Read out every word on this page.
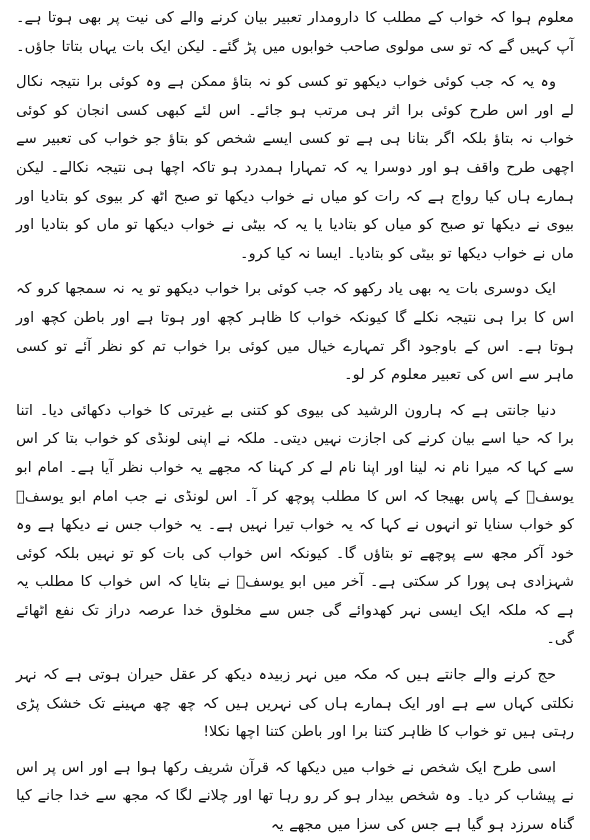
معلوم ہوا کہ خواب کے مطلب کا دارومدار تعبیر بیان کرنے والے کی نیت پر بھی ہوتا ہے۔ آپ کہیں گے کہ تو سی مولوی صاحب خوابوں میں پڑ گئے۔ لیکن ایک بات یہاں بتاتا جاؤں۔

وہ یہ کہ جب کوئی خواب دیکھو تو کسی کو نہ بتاؤ ممکن ہے وہ کوئی برا نتیجہ نکال لے اور اس طرح کوئی برا اثر ہی مرتب ہو جائے۔ اس لئے کبھی کسی انجان کو کوئی خواب نہ بتاؤ بلکہ اگر بتانا ہی ہے تو کسی ایسے شخص کو بتاؤ جو خواب کی تعبیر سے اچھی طرح واقف ہو اور دوسرا یہ کہ تمہارا ہمدرد ہو تاکہ اچھا ہی نتیجہ نکالے۔ لیکن ہمارے ہاں کیا رواج ہے کہ رات کو میاں نے خواب دیکھا تو صبح اٹھ کر بیوی کو بتادیا اور بیوی نے دیکھا تو صبح کو میاں کو بتادیا یا یہ کہ بیٹی نے خواب دیکھا تو ماں کو بتادیا اور ماں نے خواب دیکھا تو بیٹی کو بتادیا۔ ایسا نہ کیا کرو۔

ایک دوسری بات یہ بھی یاد رکھو کہ جب کوئی برا خواب دیکھو تو یہ نہ سمجھا کرو کہ اس کا برا ہی نتیجہ نکلے گا کیونکہ خواب کا ظاہر کچھ اور ہوتا ہے اور باطن کچھ اور ہوتا ہے۔ اس کے باوجود اگر تمہارے خیال میں کوئی برا خواب تم کو نظر آئے تو کسی ماہر سے اس کی تعبیر معلوم کر لو۔

دنیا جانتی ہے کہ ہارون الرشید کی بیوی کو کتنی بے غیرتی کا خواب دکھائی دیا۔ اتنا برا کہ حیا اسے بیان کرنے کی اجازت نہیں دیتی۔ ملکہ نے اپنی لونڈی کو خواب بتا کر اس سے کہا کہ میرا نام نہ لینا اور اپنا نام لے کر کہنا کہ مجھے یہ خواب نظر آیا ہے۔ امام ابو یوسفؒ کے پاس بھیجا کہ اس کا مطلب پوچھ کر آ۔ اس لونڈی نے جب امام ابو یوسفؒ کو خواب سنایا تو انہوں نے کہا کہ یہ خواب تیرا نہیں ہے۔ یہ خواب جس نے دیکھا ہے وہ خود آکر مجھ سے پوچھے تو بتاؤں گا۔ کیونکہ اس خواب کی بات کو تو نہیں بلکہ کوئی شہزادی ہی پورا کر سکتی ہے۔ آخر میں ابو یوسفؒ نے بتایا کہ اس خواب کا مطلب یہ ہے کہ ملکہ ایک ایسی نہر کھدوائے گی جس سے مخلوق خدا عرصہ دراز تک نفع اٹھائے گی۔

حج کرنے والے جانتے ہیں کہ مکہ میں نہر زبیدہ دیکھ کر عقل حیران ہوتی ہے کہ نہر نکلتی کہاں سے ہے اور ایک ہمارے ہاں کی نہریں ہیں کہ چھ چھ مہینے تک خشک پڑی رہتی ہیں تو خواب کا ظاہر کتنا برا اور باطن کتنا اچھا نکلا!

اسی طرح ایک شخص نے خواب میں دیکھا کہ قرآن شریف رکھا ہوا ہے اور اس پر اس نے پیشاب کر دیا۔ وہ شخص بیدار ہو کر رو رہا تھا اور چلانے لگا کہ مجھ سے خدا جانے کیا گناہ سرزد ہو گیا ہے جس کی سزا میں مجھے یہ
